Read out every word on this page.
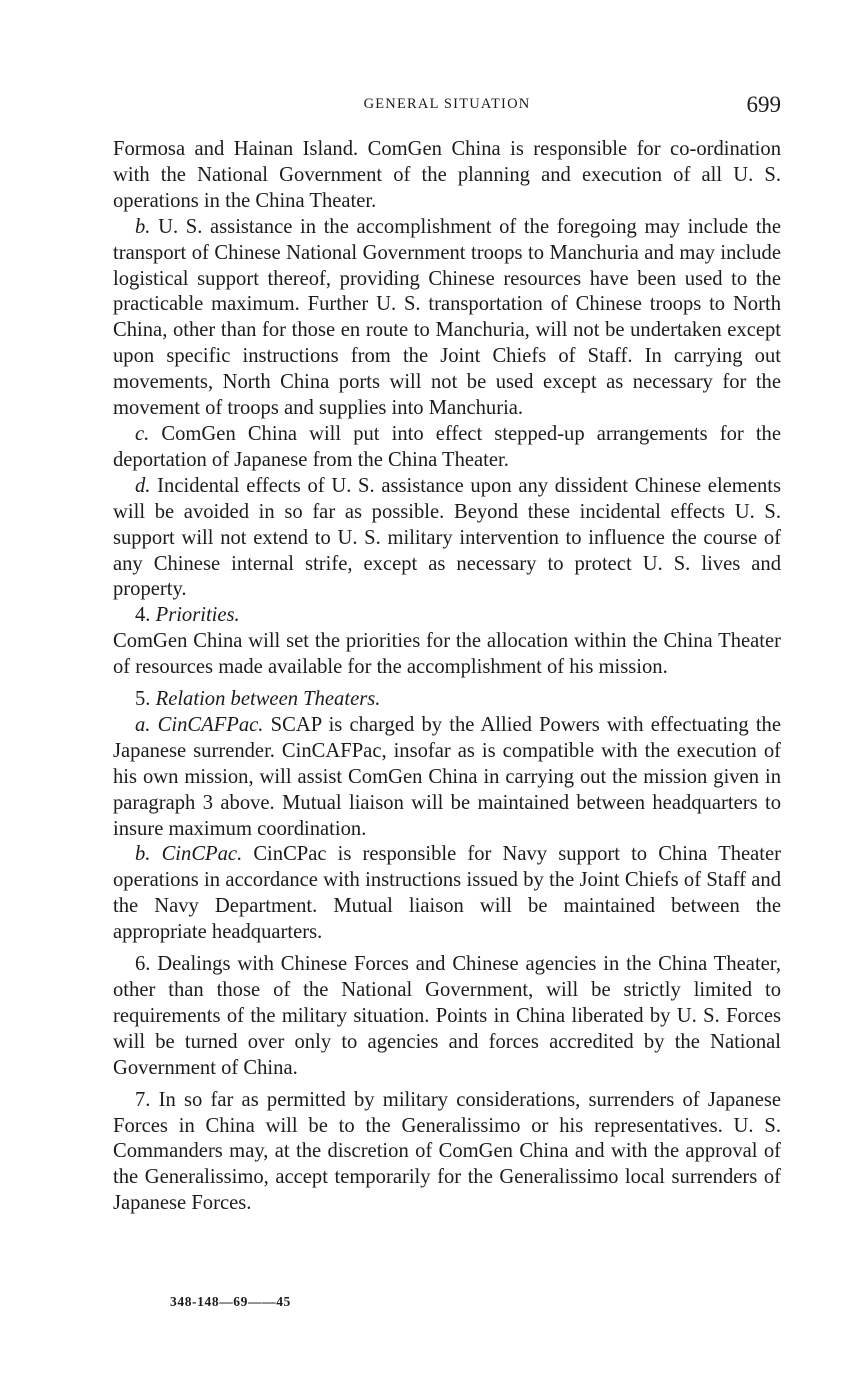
GENERAL SITUATION	699

Formosa and Hainan Island. ComGen China is responsible for co-ordination with the National Government of the planning and execution of all U. S. operations in the China Theater.

b. U. S. assistance in the accomplishment of the foregoing may include the transport of Chinese National Government troops to Manchuria and may include logistical support thereof, providing Chinese resources have been used to the practicable maximum. Further U. S. transportation of Chinese troops to North China, other than for those en route to Manchuria, will not be undertaken except upon specific instructions from the Joint Chiefs of Staff. In carrying out movements, North China ports will not be used except as necessary for the movement of troops and supplies into Manchuria.

c. ComGen China will put into effect stepped-up arrangements for the deportation of Japanese from the China Theater.

d. Incidental effects of U. S. assistance upon any dissident Chinese elements will be avoided in so far as possible. Beyond these incidental effects U. S. support will not extend to U. S. military intervention to influence the course of any Chinese internal strife, except as necessary to protect U. S. lives and property.

4. Priorities.

ComGen China will set the priorities for the allocation within the China Theater of resources made available for the accomplishment of his mission.

5. Relation between Theaters.

a. CinCAFPac. SCAP is charged by the Allied Powers with effectuating the Japanese surrender. CinCAFPac, insofar as is compatible with the execution of his own mission, will assist ComGen China in carrying out the mission given in paragraph 3 above. Mutual liaison will be maintained between headquarters to insure maximum coordination.

b. CinCPac. CinCPac is responsible for Navy support to China Theater operations in accordance with instructions issued by the Joint Chiefs of Staff and the Navy Department. Mutual liaison will be maintained between the appropriate headquarters.

6. Dealings with Chinese Forces and Chinese agencies in the China Theater, other than those of the National Government, will be strictly limited to requirements of the military situation. Points in China liberated by U. S. Forces will be turned over only to agencies and forces accredited by the National Government of China.

7. In so far as permitted by military considerations, surrenders of Japanese Forces in China will be to the Generalissimo or his representatives. U. S. Commanders may, at the discretion of ComGen China and with the approval of the Generalissimo, accept temporarily for the Generalissimo local surrenders of Japanese Forces.

348-148—69——45
